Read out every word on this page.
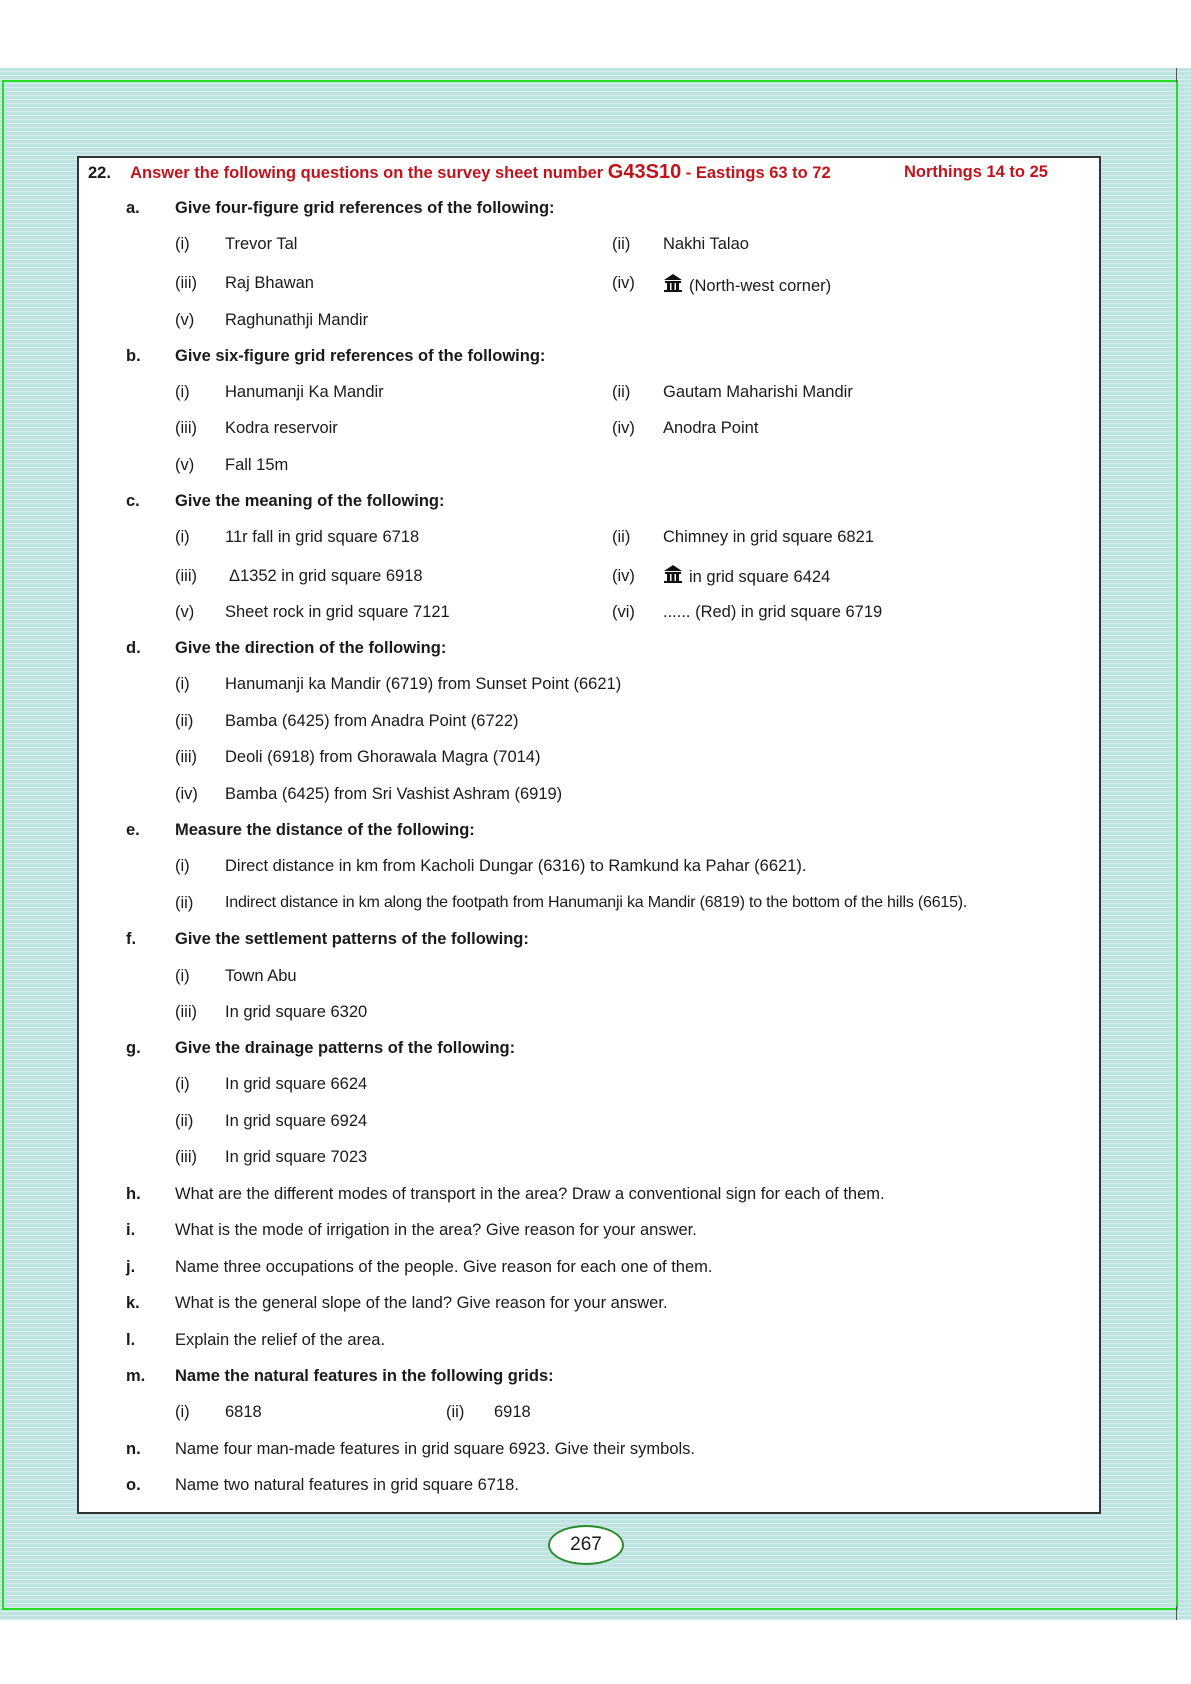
22. Answer the following questions on the survey sheet number G43S10 - Eastings 63 to 72	Northings 14 to 25
a. Give four-figure grid references of the following:
(i) Trevor Tal	(ii) Nakhi Talao
(iii) Raj Bhawan	(iv)	(North-west corner)
(v) Raghunathji Mandir
b. Give six-figure grid references of the following:
(i) Hanumanji Ka Mandir	(ii) Gautam Maharishi Mandir
(iii) Kodra reservoir	(iv) Anodra Point
(v) Fall 15m
c. Give the meaning of the following:
(i) 11r fall in grid square 6718	(ii) Chimney in grid square 6821
(iii) Δ1352 in grid square 6918	(iv)	in grid square 6424
(v) Sheet rock in grid square 7121	(vi) ...... (Red) in grid square 6719
d. Give the direction of the following:
(i) Hanumanji ka Mandir (6719) from Sunset Point (6621)
(ii) Bamba (6425) from Anadra Point (6722)
(iii) Deoli (6918) from Ghorawala Magra (7014)
(iv) Bamba (6425) from Sri Vashist Ashram (6919)
e. Measure the distance of the following:
(i) Direct distance in km from Kacholi Dungar (6316) to Ramkund ka Pahar (6621).
(ii) Indirect distance in km along the footpath from Hanumanji ka Mandir (6819) to the bottom of the hills (6615).
f. Give the settlement patterns of the following:
(i) Town Abu
(iii) In grid square 6320
g. Give the drainage patterns of the following:
(i) In grid square 6624
(ii) In grid square 6924
(iii) In grid square 7023
h. What are the different modes of transport in the area? Draw a conventional sign for each of them.
i. What is the mode of irrigation in the area? Give reason for your answer.
j. Name three occupations of the people. Give reason for each one of them.
k. What is the general slope of the land? Give reason for your answer.
l. Explain the relief of the area.
m. Name the natural features in the following grids:
(i) 6818	(ii) 6918
n. Name four man-made features in grid square 6923. Give their symbols.
o. Name two natural features in grid square 6718.
267
